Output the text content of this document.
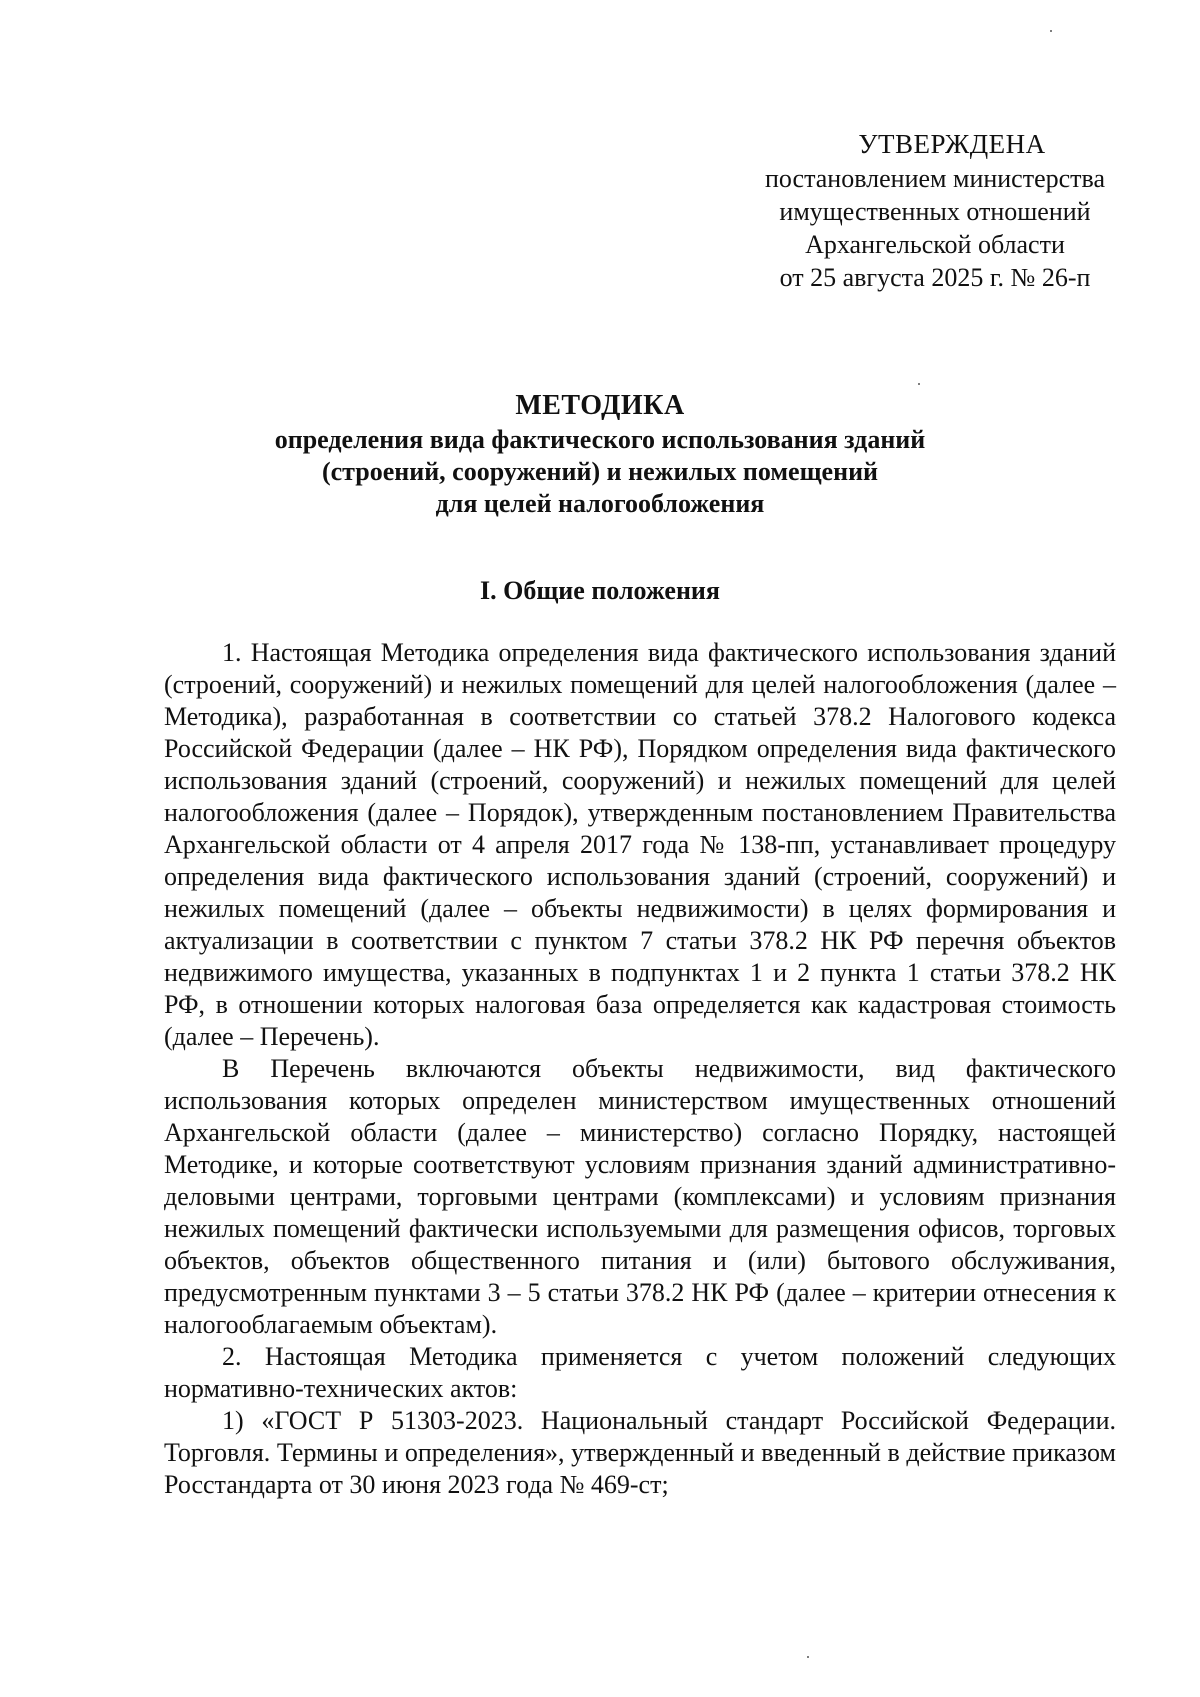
УТВЕРЖДЕНА
постановлением министерства
имущественных отношений
Архангельской области
от 25 августа 2025 г. № 26-п
МЕТОДИКА
определения вида фактического использования зданий
(строений, сооружений) и нежилых помещений
для целей налогообложения
I. Общие положения

1. Настоящая Методика определения вида фактического использования зданий (строений, сооружений) и нежилых помещений для целей налогообложения (далее – Методика), разработанная в соответствии со статьей 378.2 Налогового кодекса Российской Федерации (далее – НК РФ), Порядком определения вида фактического использования зданий (строений, сооружений) и нежилых помещений для целей налогообложения (далее – Порядок), утвержденным постановлением Правительства Архангельской области от 4 апреля 2017 года № 138-пп, устанавливает процедуру определения вида фактического использования зданий (строений, сооружений) и нежилых помещений (далее – объекты недвижимости) в целях формирования и актуализации в соответствии с пунктом 7 статьи 378.2 НК РФ перечня объектов недвижимого имущества, указанных в подпунктах 1 и 2 пункта 1 статьи 378.2 НК РФ, в отношении которых налоговая база определяется как кадастровая стоимость (далее – Перечень).

В Перечень включаются объекты недвижимости, вид фактического использования которых определен министерством имущественных отношений Архангельской области (далее – министерство) согласно Порядку, настоящей Методике, и которые соответствуют условиям признания зданий административно-деловыми центрами, торговыми центрами (комплексами) и условиям признания нежилых помещений фактически используемыми для размещения офисов, торговых объектов, объектов общественного питания и (или) бытового обслуживания, предусмотренным пунктами 3 – 5 статьи 378.2 НК РФ (далее – критерии отнесения к налогооблагаемым объектам).

2. Настоящая Методика применяется с учетом положений следующих нормативно-технических актов:

1) «ГОСТ Р 51303-2023. Национальный стандарт Российской Федерации. Торговля. Термины и определения», утвержденный и введенный в действие приказом Росстандарта от 30 июня 2023 года № 469-ст;
